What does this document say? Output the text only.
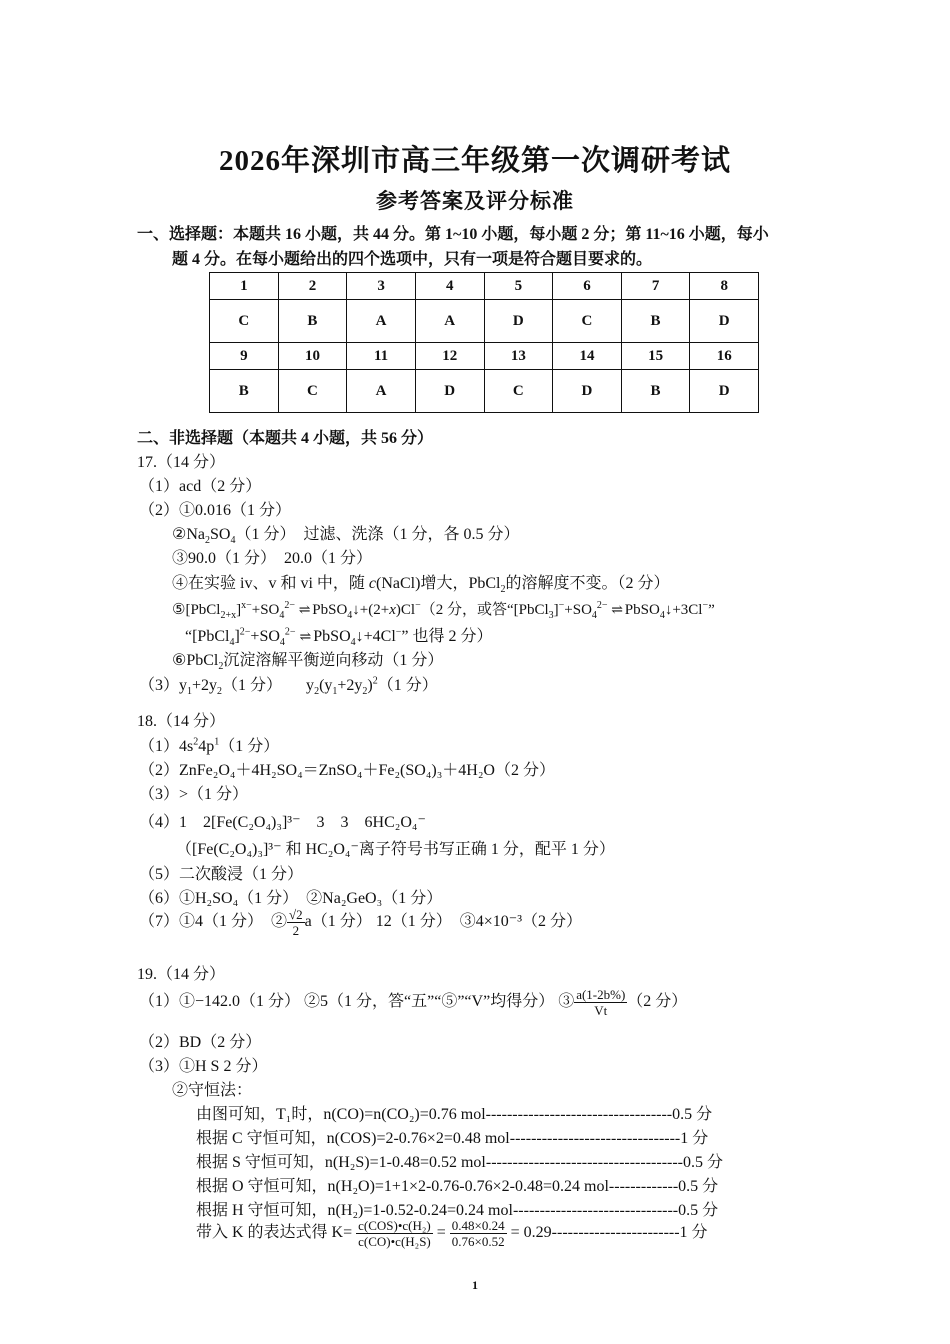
2026年深圳市高三年级第一次调研考试
参考答案及评分标准
一、选择题：本题共 16 小题，共 44 分。第 1~10 小题，每小题 2 分；第 11~16 小题，每小
题 4 分。在每小题给出的四个选项中，只有一项是符合题目要求的。
1	2	3	4	5	6	7	8
C	B	A	A	D	C	B	D
9	10	11	12	13	14	15	16
B	C	A	D	C	D	B	D
二、非选择题（本题共 4 小题，共 56 分）
17.（14 分）
（1）acd（2 分）
（2）①0.016（1 分）
$②Na_2SO_4(1$ 分）　过滤、洗涤（1 分，各 0.5 分）
③90.0（1 分）　20.0（1 分）
④在实验 iv、v 和 vi 中，随 c(NaCl)增大，PbCl$_2$的溶解度不变。（2 分）
$⑤[PbCl_{2+x}]^{x-}+SO_4^{2-}$ ⇌ PbSO$_4$↓+(2+x)Cl−（2 分，或答“$[PbCl_3]^-+SO_4^{2-}$ ⇌ PbSO$_4$↓+3Cl−”
“$[PbCl_4]^{2-}+SO_4^{2-}$ ⇌ PbSO$_4$↓+4Cl−” 也得 2 分）
⑥PbCl$_2$沉淀溶解平衡逆向移动（1 分）
$(3)y_1+2y_2(1$ 分）　　$y_2(y_1+2y_2)^2(1$ 分）
18.（14 分）
$(1)4s^24p^1(1$ 分）
（2）ZnFe₂O₄＋4H₂SO₄＝ZnSO₄＋Fe₂(SO₄)₃＋4H₂O（2 分）
（3）>（1 分）
（4）1　2[Fe(C₂O₄)₃]³⁻　3　3　6HC₂O₄⁻
（[Fe(C₂O₄)₃]³⁻ 和 HC₂O₄⁻离子符号书写正确 1 分，配平 1 分）
（5）二次酸浸（1 分）
（6）①H₂SO₄（1 分）　②Na₂GeO₃（1 分）
（7）①4（1 分）　② $\frac{√2}{2} a(1$ 分） 12（1 分）　③4×10⁻³（2 分）
19.（14 分）
（1）①−142.0（1 分） ②5（1 分，答“五”“⑤”“V”均得分） ③ $\frac{a(1-2b\%)}{Vt} (2$ 分）
（2）BD（2 分）
（3）①H S 2 分）
②守恒法：
由图可知，T₁时，n(CO)=n(CO₂)=0.76 mol-----------------------------------0.5 分
根据 C 守恒可知，n(COS)=2-0.76×2=0.48 mol--------------------------------1 分
根据 S 守恒可知，n(H₂S)=1-0.48=0.52 mol-------------------------------------0.5 分
根据 O 守恒可知，n(H₂O)=1+1×2-0.76-0.76×2-0.48=0.24 mol-------------0.5 分
根据 H 守恒可知，n(H₂)=1-0.52-0.24=0.24 mol-------------------------------0.5 分
带入 K 的表达式得 $K= \frac{\text{c(COS)•c(H₂)}}{\text{c(CO)•c(H₂S)}} = \frac{0.48\times 0.24}{0.76\times 0.52} = 0.29------------------------1$ 分
1
